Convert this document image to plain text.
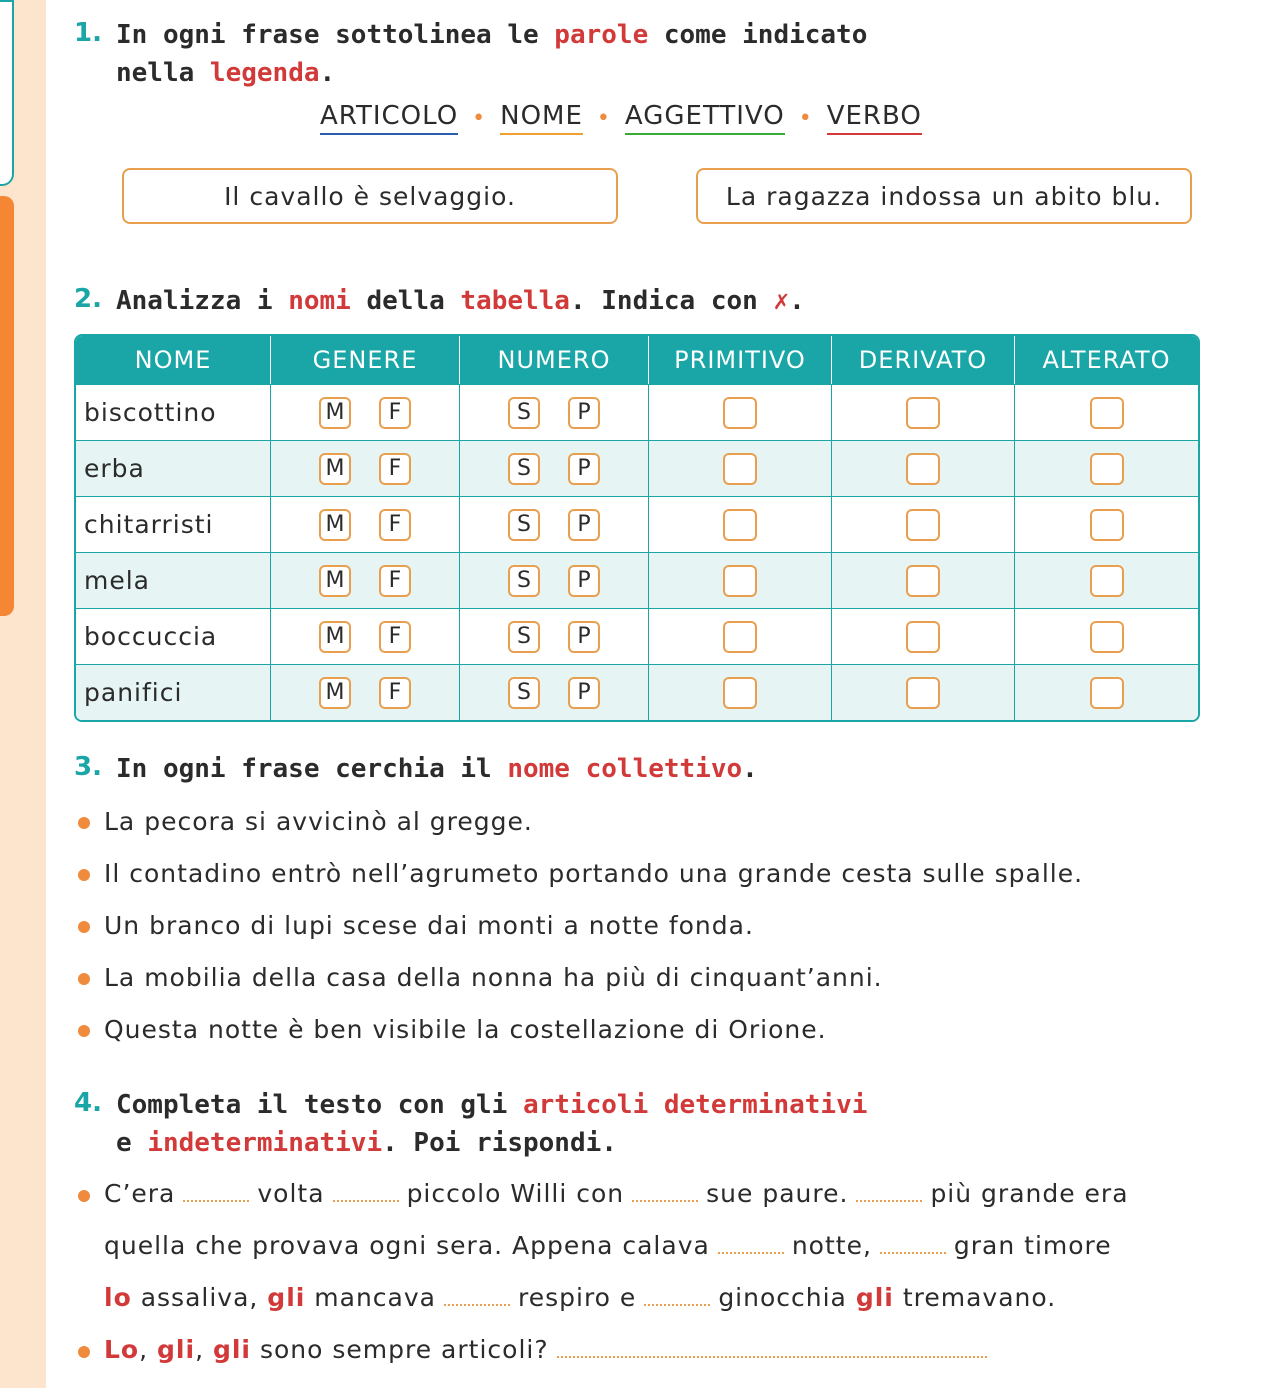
1. In ogni frase sottolinea le parole come indicato
nella legenda.
ARTICOLO • NOME • AGGETTIVO • VERBO
Il cavallo è selvaggio.	La ragazza indossa un abito blu.
2. Analizza i nomi della tabella. Indica con ✗.
NOME	GENERE	NUMERO	PRIMITIVO	DERIVATO	ALTERATO
biscottino	M F	S P			
erba	M F	S P			
chitarristi	M F	S P			
mela	M F	S P			
boccuccia	M F	S P			
panifici	M F	S P			
3. In ogni frase cerchia il nome collettivo.
La pecora si avvicinò al gregge.
Il contadino entrò nell’agrumeto portando una grande cesta sulle spalle.
Un branco di lupi scese dai monti a notte fonda.
La mobilia della casa della nonna ha più di cinquant’anni.
Questa notte è ben visibile la costellazione di Orione.
4. Completa il testo con gli articoli determinativi
e indeterminativi. Poi rispondi.
C’era	volta	piccolo Willi con	sue paure.	più grande era
quella che provava ogni sera. Appena calava	notte,	gran timore
lo assaliva, gli mancava	respiro e	ginocchia gli tremavano.
Lo, gli, gli sono sempre articoli?
